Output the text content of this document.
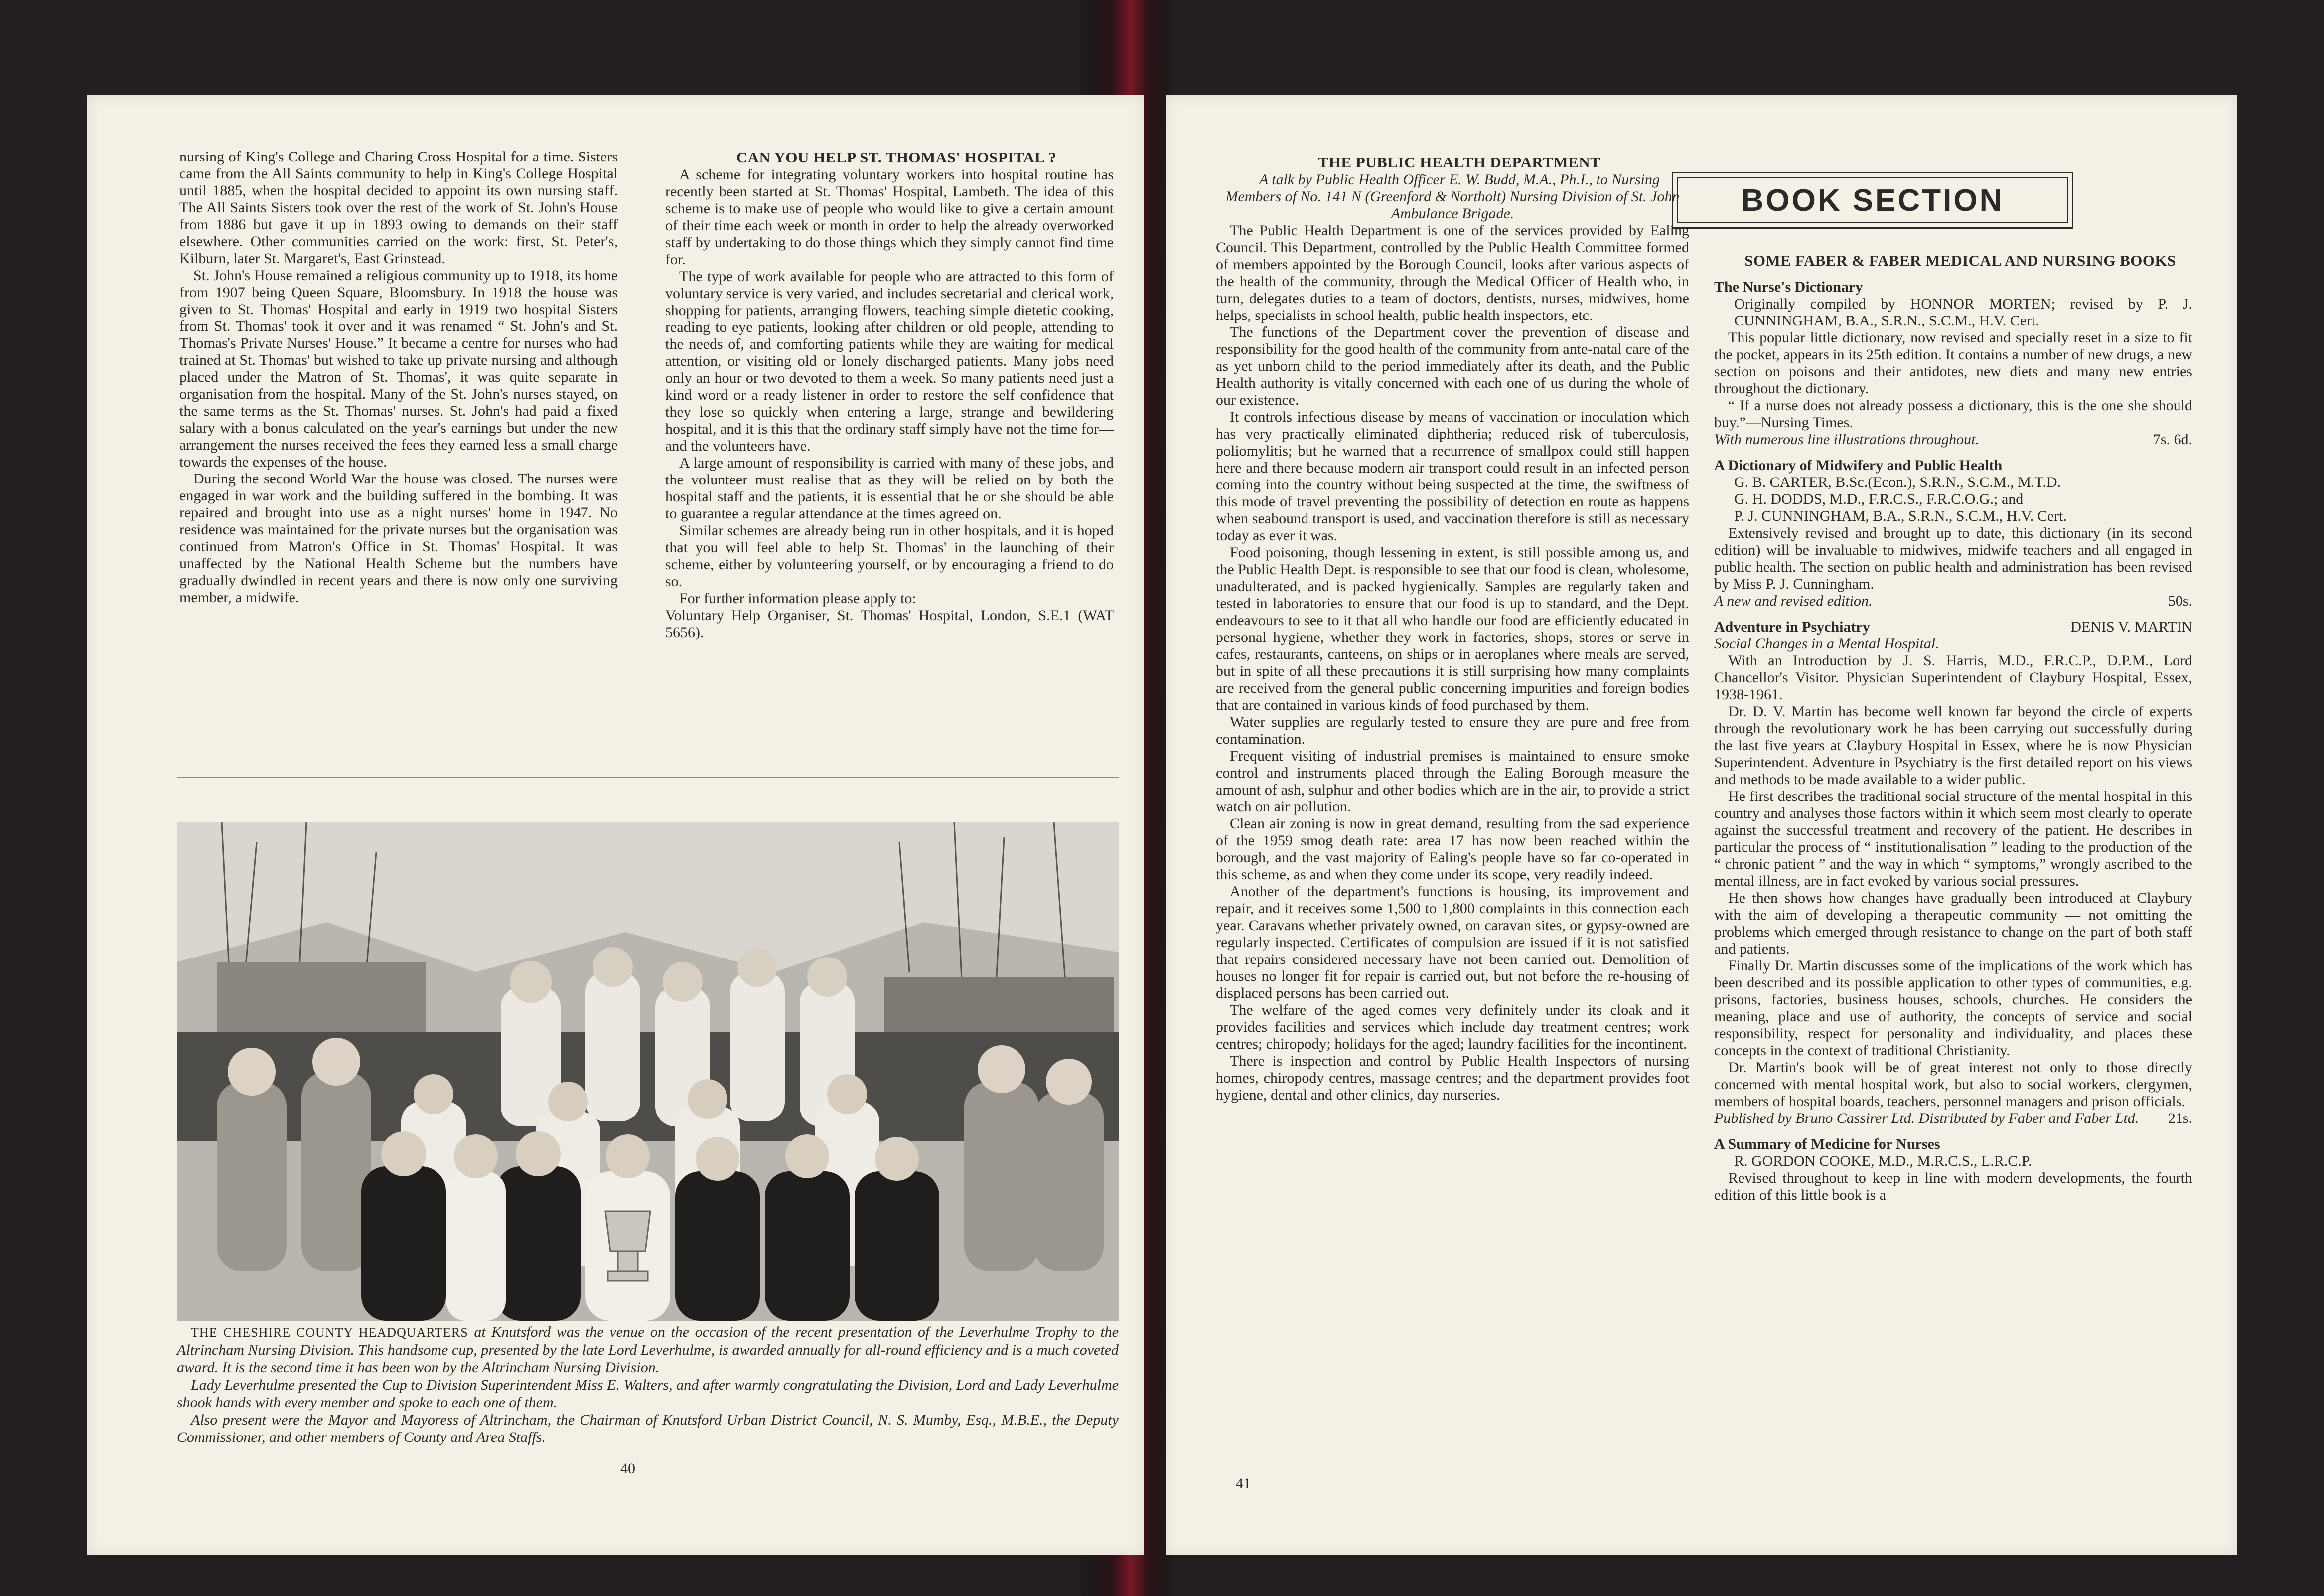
nursing of King's College and Charing Cross Hospital for a time. Sisters came from the All Saints community to help in King's College Hospital until 1885, when the hospital decided to appoint its own nursing staff. The All Saints Sisters took over the rest of the work of St. John's House from 1886 but gave it up in 1893 owing to demands on their staff elsewhere. Other communities carried on the work: first, St. Peter's, Kilburn, later St. Margaret's, East Grinstead.

St. John's House remained a religious community up to 1918, its home from 1907 being Queen Square, Bloomsbury. In 1918 the house was given to St. Thomas' Hospital and early in 1919 two hospital Sisters from St. Thomas' took it over and it was renamed “ St. John's and St. Thomas's Private Nurses' House.” It became a centre for nurses who had trained at St. Thomas' but wished to take up private nursing and although placed under the Matron of St. Thomas', it was quite separate in organisation from the hospital. Many of the St. John's nurses stayed, on the same terms as the St. Thomas' nurses. St. John's had paid a fixed salary with a bonus calculated on the year's earnings but under the new arrangement the nurses received the fees they earned less a small charge towards the expenses of the house.

During the second World War the house was closed. The nurses were engaged in war work and the building suffered in the bombing. It was repaired and brought into use as a night nurses' home in 1947. No residence was maintained for the private nurses but the organisation was continued from Matron's Office in St. Thomas' Hospital. It was unaffected by the National Health Scheme but the numbers have gradually dwindled in recent years and there is now only one surviving member, a midwife.

CAN YOU HELP ST. THOMAS' HOSPITAL ?

A scheme for integrating voluntary workers into hospital routine has recently been started at St. Thomas' Hospital, Lambeth. The idea of this scheme is to make use of people who would like to give a certain amount of their time each week or month in order to help the already overworked staff by undertaking to do those things which they simply cannot find time for.

The type of work available for people who are attracted to this form of voluntary service is very varied, and includes secretarial and clerical work, shopping for patients, arranging flowers, teaching simple dietetic cooking, reading to eye patients, looking after children or old people, attending to the needs of, and comforting patients while they are waiting for medical attention, or visiting old or lonely discharged patients. Many jobs need only an hour or two devoted to them a week. So many patients need just a kind word or a ready listener in order to restore the self confidence that they lose so quickly when entering a large, strange and bewildering hospital, and it is this that the ordinary staff simply have not the time for—and the volunteers have.

A large amount of responsibility is carried with many of these jobs, and the volunteer must realise that as they will be relied on by both the hospital staff and the patients, it is essential that he or she should be able to guarantee a regular attendance at the times agreed on.

Similar schemes are already being run in other hospitals, and it is hoped that you will feel able to help St. Thomas' in the launching of their scheme, either by volunteering yourself, or by encouraging a friend to do so.

For further information please apply to:

Voluntary Help Organiser, St. Thomas' Hospital, London, S.E.1 (WAT 5656).

THE CHESHIRE COUNTY HEADQUARTERS at Knutsford was the venue on the occasion of the recent presentation of the Leverhulme Trophy to the Altrincham Nursing Division. This handsome cup, presented by the late Lord Leverhulme, is awarded annually for all-round efficiency and is a much coveted award. It is the second time it has been won by the Altrincham Nursing Division.

Lady Leverhulme presented the Cup to Division Superintendent Miss E. Walters, and after warmly congratulating the Division, Lord and Lady Leverhulme shook hands with every member and spoke to each one of them.

Also present were the Mayor and Mayoress of Altrincham, the Chairman of Knutsford Urban District Council, N. S. Mumby, Esq., M.B.E., the Deputy Commissioner, and other members of County and Area Staffs.

40

THE PUBLIC HEALTH DEPARTMENT

A talk by Public Health Officer E. W. Budd, M.A., Ph.I., to Nursing Members of No. 141 N (Greenford & Northolt) Nursing Division of St. John Ambulance Brigade.

The Public Health Department is one of the services provided by Ealing Council. This Department, controlled by the Public Health Committee formed of members appointed by the Borough Council, looks after various aspects of the health of the community, through the Medical Officer of Health who, in turn, delegates duties to a team of doctors, dentists, nurses, midwives, home helps, specialists in school health, public health inspectors, etc.

The functions of the Department cover the prevention of disease and responsibility for the good health of the community from ante-natal care of the as yet unborn child to the period immediately after its death, and the Public Health authority is vitally concerned with each one of us during the whole of our existence.

It controls infectious disease by means of vaccination or inoculation which has very practically eliminated diphtheria; reduced risk of tuberculosis, poliomylitis; but he warned that a recurrence of smallpox could still happen here and there because modern air transport could result in an infected person coming into the country without being suspected at the time, the swiftness of this mode of travel preventing the possibility of detection en route as happens when seabound transport is used, and vaccination therefore is still as necessary today as ever it was.

Food poisoning, though lessening in extent, is still possible among us, and the Public Health Dept. is responsible to see that our food is clean, wholesome, unadulterated, and is packed hygienically. Samples are regularly taken and tested in laboratories to ensure that our food is up to standard, and the Dept. endeavours to see to it that all who handle our food are efficiently educated in personal hygiene, whether they work in factories, shops, stores or serve in cafes, restaurants, canteens, on ships or in aeroplanes where meals are served, but in spite of all these precautions it is still surprising how many complaints are received from the general public concerning impurities and foreign bodies that are contained in various kinds of food purchased by them.

Water supplies are regularly tested to ensure they are pure and free from contamination.

Frequent visiting of industrial premises is maintained to ensure smoke control and instruments placed through the Ealing Borough measure the amount of ash, sulphur and other bodies which are in the air, to provide a strict watch on air pollution.

Clean air zoning is now in great demand, resulting from the sad experience of the 1959 smog death rate: area 17 has now been reached within the borough, and the vast majority of Ealing's people have so far co-operated in this scheme, as and when they come under its scope, very readily indeed.

Another of the department's functions is housing, its improvement and repair, and it receives some 1,500 to 1,800 complaints in this connection each year. Caravans whether privately owned, on caravan sites, or gypsy-owned are regularly inspected. Certificates of compulsion are issued if it is not satisfied that repairs considered necessary have not been carried out. Demolition of houses no longer fit for repair is carried out, but not before the re-housing of displaced persons has been carried out.

The welfare of the aged comes very definitely under its cloak and it provides facilities and services which include day treatment centres; work centres; chiropody; holidays for the aged; laundry facilities for the incontinent.

There is inspection and control by Public Health Inspectors of nursing homes, chiropody centres, massage centres; and the department provides foot hygiene, dental and other clinics, day nurseries.

BOOK SECTION

SOME FABER & FABER MEDICAL AND NURSING BOOKS

The Nurse's Dictionary

Originally compiled by HONNOR MORTEN; revised by P. J. CUNNINGHAM, B.A., S.R.N., S.C.M., H.V. Cert.

This popular little dictionary, now revised and specially reset in a size to fit the pocket, appears in its 25th edition. It contains a number of new drugs, a new section on poisons and their antidotes, new diets and many new entries throughout the dictionary.

“ If a nurse does not already possess a dictionary, this is the one she should buy.”—Nursing Times.

With numerous line illustrations throughout.	7s. 6d.

A Dictionary of Midwifery and Public Health

G. B. CARTER, B.Sc.(Econ.), S.R.N., S.C.M., M.T.D.

G. H. DODDS, M.D., F.R.C.S., F.R.C.O.G.; and

P. J. CUNNINGHAM, B.A., S.R.N., S.C.M., H.V. Cert.

Extensively revised and brought up to date, this dictionary (in its second edition) will be invaluable to midwives, midwife teachers and all engaged in public health. The section on public health and administration has been revised by Miss P. J. Cunningham.

A new and revised edition.	50s.

Adventure in Psychiatry	DENIS V. MARTIN

Social Changes in a Mental Hospital.

With an Introduction by J. S. Harris, M.D., F.R.C.P., D.P.M., Lord Chancellor's Visitor. Physician Superintendent of Claybury Hospital, Essex, 1938-1961.

Dr. D. V. Martin has become well known far beyond the circle of experts through the revolutionary work he has been carrying out successfully during the last five years at Claybury Hospital in Essex, where he is now Physician Superintendent. Adventure in Psychiatry is the first detailed report on his views and methods to be made available to a wider public.

He first describes the traditional social structure of the mental hospital in this country and analyses those factors within it which seem most clearly to operate against the successful treatment and recovery of the patient. He describes in particular the process of “ institutionalisation ” leading to the production of the “ chronic patient ” and the way in which “ symptoms,” wrongly ascribed to the mental illness, are in fact evoked by various social pressures.

He then shows how changes have gradually been introduced at Claybury with the aim of developing a therapeutic community — not omitting the problems which emerged through resistance to change on the part of both staff and patients.

Finally Dr. Martin discusses some of the implications of the work which has been described and its possible application to other types of communities, e.g. prisons, factories, business houses, schools, churches. He considers the meaning, place and use of authority, the concepts of service and social responsibility, respect for personality and individuality, and places these concepts in the context of traditional Christianity.

Dr. Martin's book will be of great interest not only to those directly concerned with mental hospital work, but also to social workers, clergymen, members of hospital boards, teachers, personnel managers and prison officials.

Published by Bruno Cassirer Ltd. Distributed by Faber and Faber Ltd. 21s.

A Summary of Medicine for Nurses

R. GORDON COOKE, M.D., M.R.C.S., L.R.C.P.

Revised throughout to keep in line with modern developments, the fourth edition of this little book is a

41
